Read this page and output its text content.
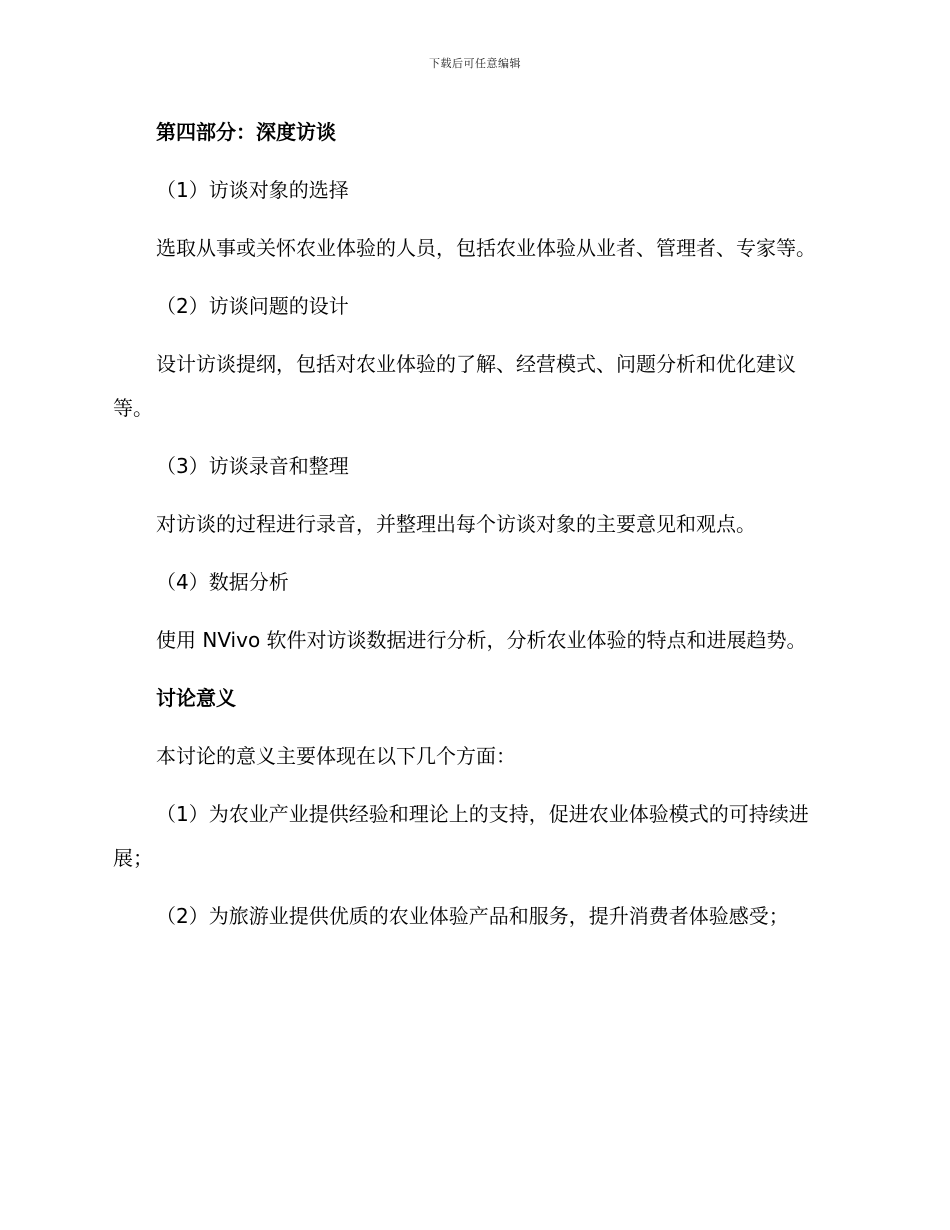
下载后可任意编辑

第四部分：深度访谈

（1）访谈对象的选择

选取从事或关怀农业体验的人员，包括农业体验从业者、管理者、专家等。

（2）访谈问题的设计

设计访谈提纲，包括对农业体验的了解、经营模式、问题分析和优化建议等。

（3）访谈录音和整理

对访谈的过程进行录音，并整理出每个访谈对象的主要意见和观点。

（4）数据分析

使用 NVivo 软件对访谈数据进行分析，分析农业体验的特点和进展趋势。

讨论意义

本讨论的意义主要体现在以下几个方面：

（1）为农业产业提供经验和理论上的支持，促进农业体验模式的可持续进展；

（2）为旅游业提供优质的农业体验产品和服务，提升消费者体验感受；
